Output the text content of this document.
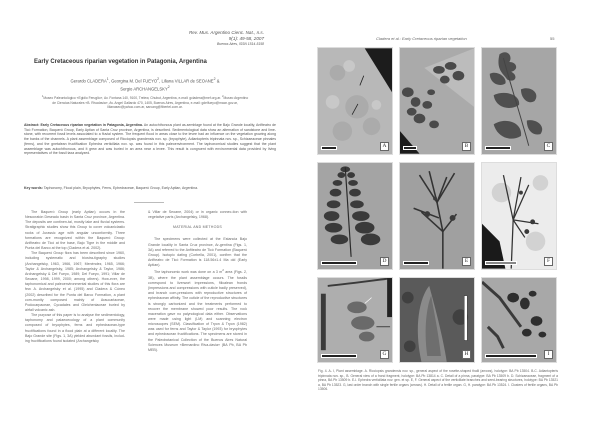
Rev. Mus. Argentino Cienc. Nat., n.s.
9(1): 49-58, 2007
Buenos Aires, ISSN 1514-5158
Early Cretaceous riparian vegetation in Patagonia, Argentina
Gerardo CLADERA$^1$, Georgina M. Del FUEYO$^2$, Liliana VILLAR de SEOANE$^2$ &
Sergio ARCHANGELSKY$^2$
$^1$Museo Paleontológico «Egidio Feruglio», Av. Fontana 140, 9100, Trelew, Chubut, Argentina, e-mail: gcladera@mef.org.ar. $^2$Museo Argentino de Ciencias Naturales «B. Rivadavia», Av. Angel Gallardo 470, 1405, Buenos Aires, Argentina, e-mail: gdelfueyo@macn.gov.ar, lilianasec@yahoo.com.ar, sarcang@fibertel.com.ar.
Abstract: Early Cretaceous riparian vegetation in Patagonia, Argentina. An autochthonous plant as-semblage found at the Bajo Grande locality, Anfiteatro de Ticó Formation, Baqueró Group, Early Aptian of Santa Cruz province, Argentina, is described. Sedimentological data show an alternation of sandstone and lime-stone, with recurrent fossil levels associated to a fluvial system. The frequent flood in areas close to the levee had an influence on the vegetation growing along the banks of the channels. A plant assemblage composed of Ricciopsis grandensis nov. sp. (bryophyte), Adiantopteris tripinnata nov. sp., Schizaeaceae pinnales (ferns), and the gnetalean fructification Ephedra verticillata nov. sp. was found in this paleoenvironment. The taphonomical studies suggest that the plant assemblage was autochthonous, and it grew and was buried in an area near a levee. This result is congruent with environmental data provided by living representatives of the fossil taxa analyzed.
Key words: Taphonomy, Flood plain, Bryophytes, Ferns, Ephedraceae, Baqueró Group, Early Aptian, Argentina.

The Baqueró Group (early Aptian) occurs in the Nesocratón Deseado basin in Santa Cruz province, Argentina. The deposits are continen-tal, mostly lake and fluvial systems. Stratigraphic studies show this Group to cover volcaniclastic rocks of Jurassic age with angular unconformity. Three formations are recognized within the Baqueró Group: Anfiteatro de Ticó at the base, Bajo Tigre in the middle and Punta del Barco at the top (Cladera et al. 2002).

The Baqueró Group flora has been described since 1960, including systematic and biostra-tigraphy studies (Archangelsky, 1963, 1966, 1967; Menéndez, 1965, 1966; Taylor & Archangelsky, 1985; Archangelsky & Taylor, 1986; Archangelsky & Del Fueyo, 1989; Del Fueyo, 1991; Villar de Seoane, 1998, 1999, 2000; among others). How-ever, the taphonomical and paleoenvironmental studies of this flora are few. A. Archangelsky et al. (1995) and Cladera & Cúneo (2002) described for the Punta del Barco Formation, a plant com-munity composed mainly of Araucariaceae, Podocarpaceae, Cycadales and Gleicheniaceae buried by airfall volcanic ash.

The purpose of this paper is to analyse the sedimentology, taphonomy and palaeoecology of a plant community composed of bryophytes, ferns and ephedracean-type fructifications found in a flood plain at a different locality. The Bajo Grande site (Figs. 1, 3A) yielded abundant fossils, includ-ing fructifications found isolated (Archangelsky

& Villar de Seoane, 2004) or in organic connec-tion with vegetative parts (Archangelsky, 1968).

MATERIAL AND METHODS

The specimens were collected at the Estancia Bajo Grande locality in Santa Cruz province, Ar-gentina (Figs. 1, 3A) and referred to the Anfiteatro de Ticó Formation (Baqueró Group). Isotopic dating (Corbella, 2001), confirm that the Anfiteatro de Ticó Formation is 118.56±1.4 Ma old (Early Aptian).

The taphonomic work was done on a 3 $m^2$ area (Figs. 2, 3B), where the plant assemblage occurs. The fossils correspond to liverwort impressions, filicalean fronds (impressions and compressions with cuticle badly preserved), and branch com-pressions with reproductive structures of ephedracean affinity. The cuticle of the reproductive structures is strongly carbonized and the treatments performed to recover the membrane showed poor results. The rock maceration gave no palynological data either. Observations were made using light (LM) and scanning electron microscopes (SEM). Classification of Tryon & Tryon (1982) was used for ferns and Taylor & Taylor (1993) for bryophytes and ephedracean fructifications. The specimens are stored in the Paleobotanical Collection of the Buenos Aires Natural Sciences Museum «Bernardino Riva-davia» (BA Pb, BA Pb MEB).

Cladera et al.: Early Cretaceous riparian vegetation	55
A	B	C
D	E	F
G	H	I
Fig. 4. A- I, Plant assemblage. A. Ricciopsis grandensis nov. sp., general aspect of the rosette-shaped thalli (arrows), holotype: BA Pb 13504. B-C. Adiantopteris tripinnata nov. sp., B. General view of a frond fragment, holotype: BA Pb 13814 a. C. Detail of a pinna, paratype: BA Pb 13509 b. D. Schizaeaceae, fragment of a pinna, BA Pb 13509 b. E-I. Ephedra verticillata nov. gen. et sp. E, F. General aspect of the verticillate branches and seed-bearing structures, holotype: BA Pb 13521 a, BA Pb 13523. G, last order branch with single fertile organs (arrows). H. Detail of a fertile organ. G, H. paratype: BA Pb 13524. I. Clusters of fertile organs, BA Pb 13506.
